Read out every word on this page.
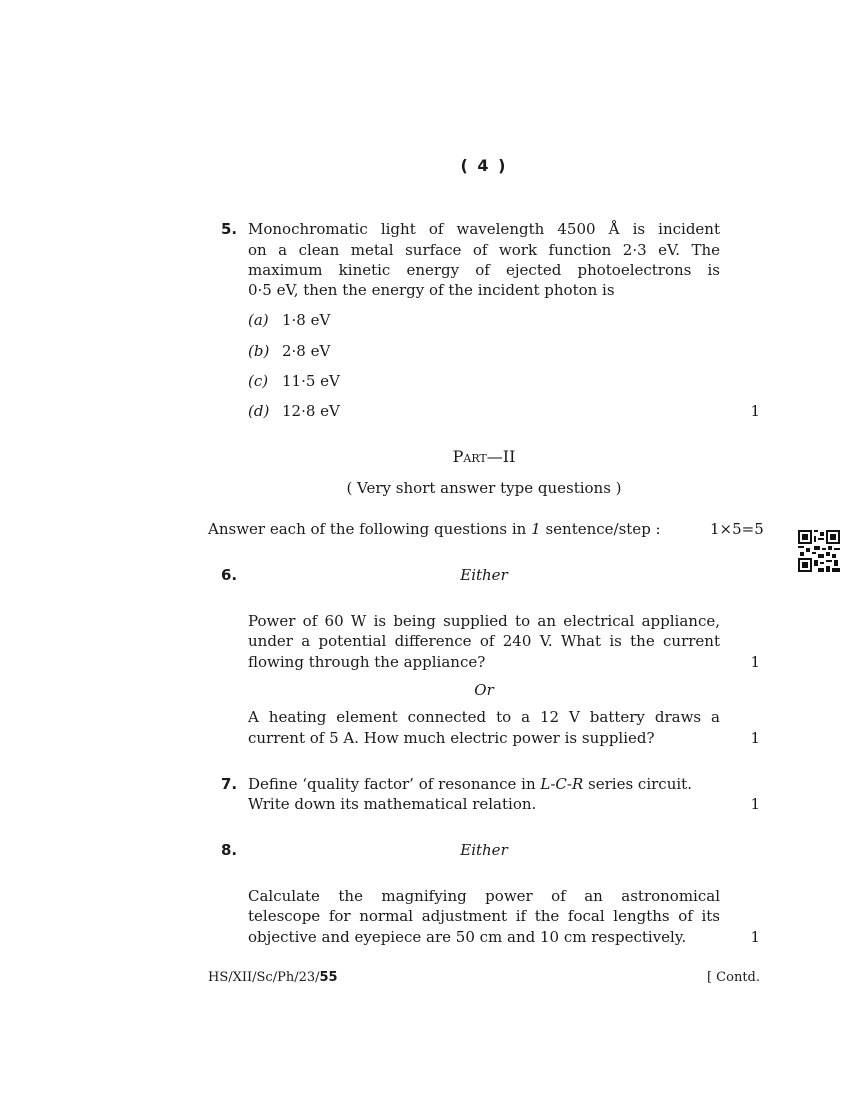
( 4 )
5. Monochromatic light of wavelength 4500 Å is incident
on a clean metal surface of work function 2·3 eV. The
maximum kinetic energy of ejected photoelectrons is
0·5 eV, then the energy of the incident photon is
(a) 1·8 eV
(b) 2·8 eV
(c) 11·5 eV
(d) 12·8 eV	1
Part—II
( Very short answer type questions )
Answer each of the following questions in 1 sentence/step :	1×5=5
6.	Either
Power of 60 W is being supplied to an electrical appliance,
under a potential difference of 240 V. What is the current
flowing through the appliance?	1
Or
A heating element connected to a 12 V battery draws a
current of 5 A. How much electric power is supplied?	1
7. Define ‘quality factor’ of resonance in L-C-R series circuit.
Write down its mathematical relation.	1
8.	Either
Calculate the magnifying power of an astronomical
telescope for normal adjustment if the focal lengths of its
objective and eyepiece are 50 cm and 10 cm respectively.	1
HS/XII/Sc/Ph/23/55	[ Contd.
